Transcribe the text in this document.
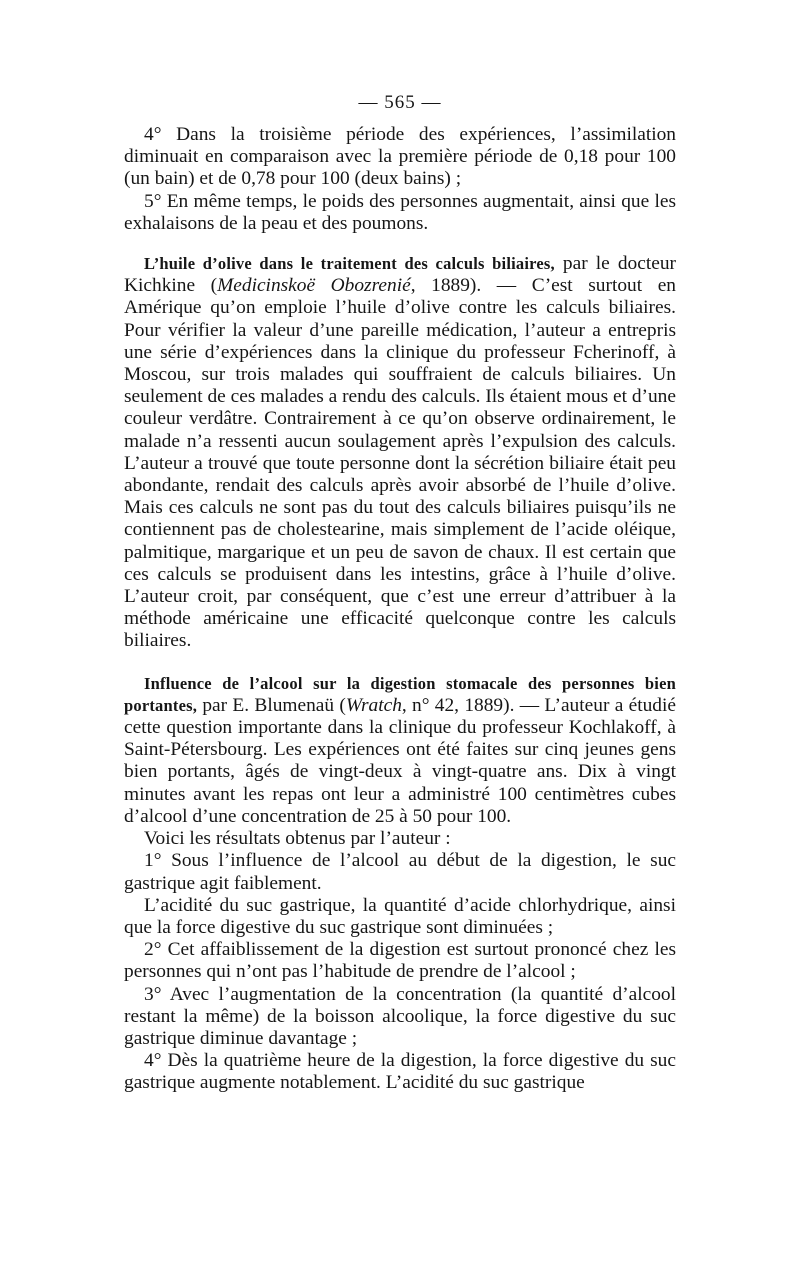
— 565 —

4° Dans la troisième période des expériences, l’assimilation diminuait en comparaison avec la première période de 0,18 pour 100 (un bain) et de 0,78 pour 100 (deux bains) ;

5° En même temps, le poids des personnes augmentait, ainsi que les exhalaisons de la peau et des poumons.

L’huile d’olive dans le traitement des calculs biliaires, par le docteur Kichkine (Medicinskoë Obozrenié, 1889). — C’est surtout en Amérique qu’on emploie l’huile d’olive contre les calculs biliaires. Pour vérifier la valeur d’une pareille médication, l’auteur a entrepris une série d’expériences dans la clinique du professeur Fcherinoff, à Moscou, sur trois malades qui souffraient de calculs biliaires. Un seulement de ces malades a rendu des calculs. Ils étaient mous et d’une couleur verdâtre. Contrairement à ce qu’on observe ordinairement, le malade n’a ressenti aucun soulagement après l’expulsion des calculs. L’auteur a trouvé que toute personne dont la sécrétion biliaire était peu abondante, rendait des calculs après avoir absorbé de l’huile d’olive. Mais ces calculs ne sont pas du tout des calculs biliaires puisqu’ils ne contiennent pas de cholestearine, mais simplement de l’acide oléique, palmitique, margarique et un peu de savon de chaux. Il est certain que ces calculs se produisent dans les intestins, grâce à l’huile d’olive. L’auteur croit, par conséquent, que c’est une erreur d’attribuer à la méthode américaine une efficacité quelconque contre les calculs biliaires.

Influence de l’alcool sur la digestion stomacale des personnes bien portantes, par E. Blumenaü (Wratch, n° 42, 1889). — L’auteur a étudié cette question importante dans la clinique du professeur Kochlakoff, à Saint-Pétersbourg. Les expériences ont été faites sur cinq jeunes gens bien portants, âgés de vingt-deux à vingt-quatre ans. Dix à vingt minutes avant les repas ont leur a administré 100 centimètres cubes d’alcool d’une concentration de 25 à 50 pour 100.

Voici les résultats obtenus par l’auteur :

1° Sous l’influence de l’alcool au début de la digestion, le suc gastrique agit faiblement.

L’acidité du suc gastrique, la quantité d’acide chlorhydrique, ainsi que la force digestive du suc gastrique sont diminuées ;

2° Cet affaiblissement de la digestion est surtout prononcé chez les personnes qui n’ont pas l’habitude de prendre de l’alcool ;

3° Avec l’augmentation de la concentration (la quantité d’alcool restant la même) de la boisson alcoolique, la force digestive du suc gastrique diminue davantage ;

4° Dès la quatrième heure de la digestion, la force digestive du suc gastrique augmente notablement. L’acidité du suc gastrique
